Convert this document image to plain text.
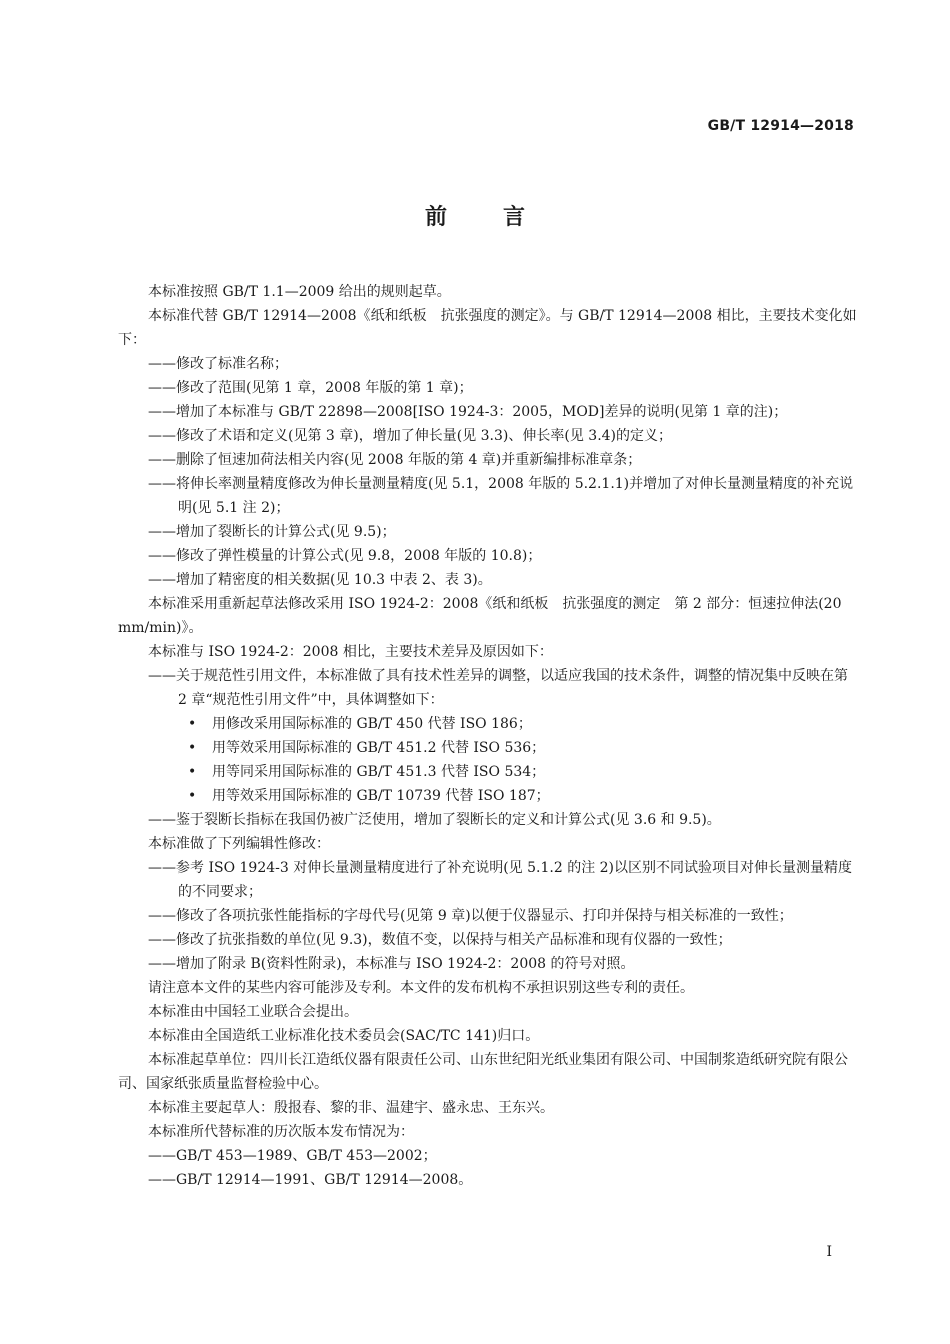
GB/T 12914—2018
前言
本标准按照 GB/T 1.1—2009 给出的规则起草。
本标准代替 GB/T 12914—2008《纸和纸板　抗张强度的测定》。与 GB/T 12914—2008 相比，主要技术变化如下：
——修改了标准名称；
——修改了范围(见第 1 章，2008 年版的第 1 章)；
——增加了本标准与 GB/T 22898—2008[ISO 1924-3：2005，MOD]差异的说明(见第 1 章的注)；
——修改了术语和定义(见第 3 章)，增加了伸长量(见 3.3)、伸长率(见 3.4)的定义；
——删除了恒速加荷法相关内容(见 2008 年版的第 4 章)并重新编排标准章条；
——将伸长率测量精度修改为伸长量测量精度(见 5.1，2008 年版的 5.2.1.1)并增加了对伸长量测量精度的补充说明(见 5.1 注 2)；
——增加了裂断长的计算公式(见 9.5)；
——修改了弹性模量的计算公式(见 9.8，2008 年版的 10.8)；
——增加了精密度的相关数据(见 10.3 中表 2、表 3)。
本标准采用重新起草法修改采用 ISO 1924-2：2008《纸和纸板　抗张强度的测定　第 2 部分：恒速拉伸法(20 mm/min)》。
本标准与 ISO 1924-2：2008 相比，主要技术差异及原因如下：
——关于规范性引用文件，本标准做了具有技术性差异的调整，以适应我国的技术条件，调整的情况集中反映在第 2 章“规范性引用文件”中，具体调整如下：
• 用修改采用国际标准的 GB/T 450 代替 ISO 186；
• 用等效采用国际标准的 GB/T 451.2 代替 ISO 536；
• 用等同采用国际标准的 GB/T 451.3 代替 ISO 534；
• 用等效采用国际标准的 GB/T 10739 代替 ISO 187；
——鉴于裂断长指标在我国仍被广泛使用，增加了裂断长的定义和计算公式(见 3.6 和 9.5)。
本标准做了下列编辑性修改：
——参考 ISO 1924-3 对伸长量测量精度进行了补充说明(见 5.1.2 的注 2)以区别不同试验项目对伸长量测量精度的不同要求；
——修改了各项抗张性能指标的字母代号(见第 9 章)以便于仪器显示、打印并保持与相关标准的一致性；
——修改了抗张指数的单位(见 9.3)，数值不变，以保持与相关产品标准和现有仪器的一致性；
——增加了附录 B(资料性附录)，本标准与 ISO 1924-2：2008 的符号对照。
请注意本文件的某些内容可能涉及专利。本文件的发布机构不承担识别这些专利的责任。
本标准由中国轻工业联合会提出。
本标准由全国造纸工业标准化技术委员会(SAC/TC 141)归口。
本标准起草单位：四川长江造纸仪器有限责任公司、山东世纪阳光纸业集团有限公司、中国制浆造纸研究院有限公司、国家纸张质量监督检验中心。
本标准主要起草人：殷报春、黎的非、温建宇、盛永忠、王东兴。
本标准所代替标准的历次版本发布情况为：
——GB/T 453—1989、GB/T 453—2002；
——GB/T 12914—1991、GB/T 12914—2008。
I
